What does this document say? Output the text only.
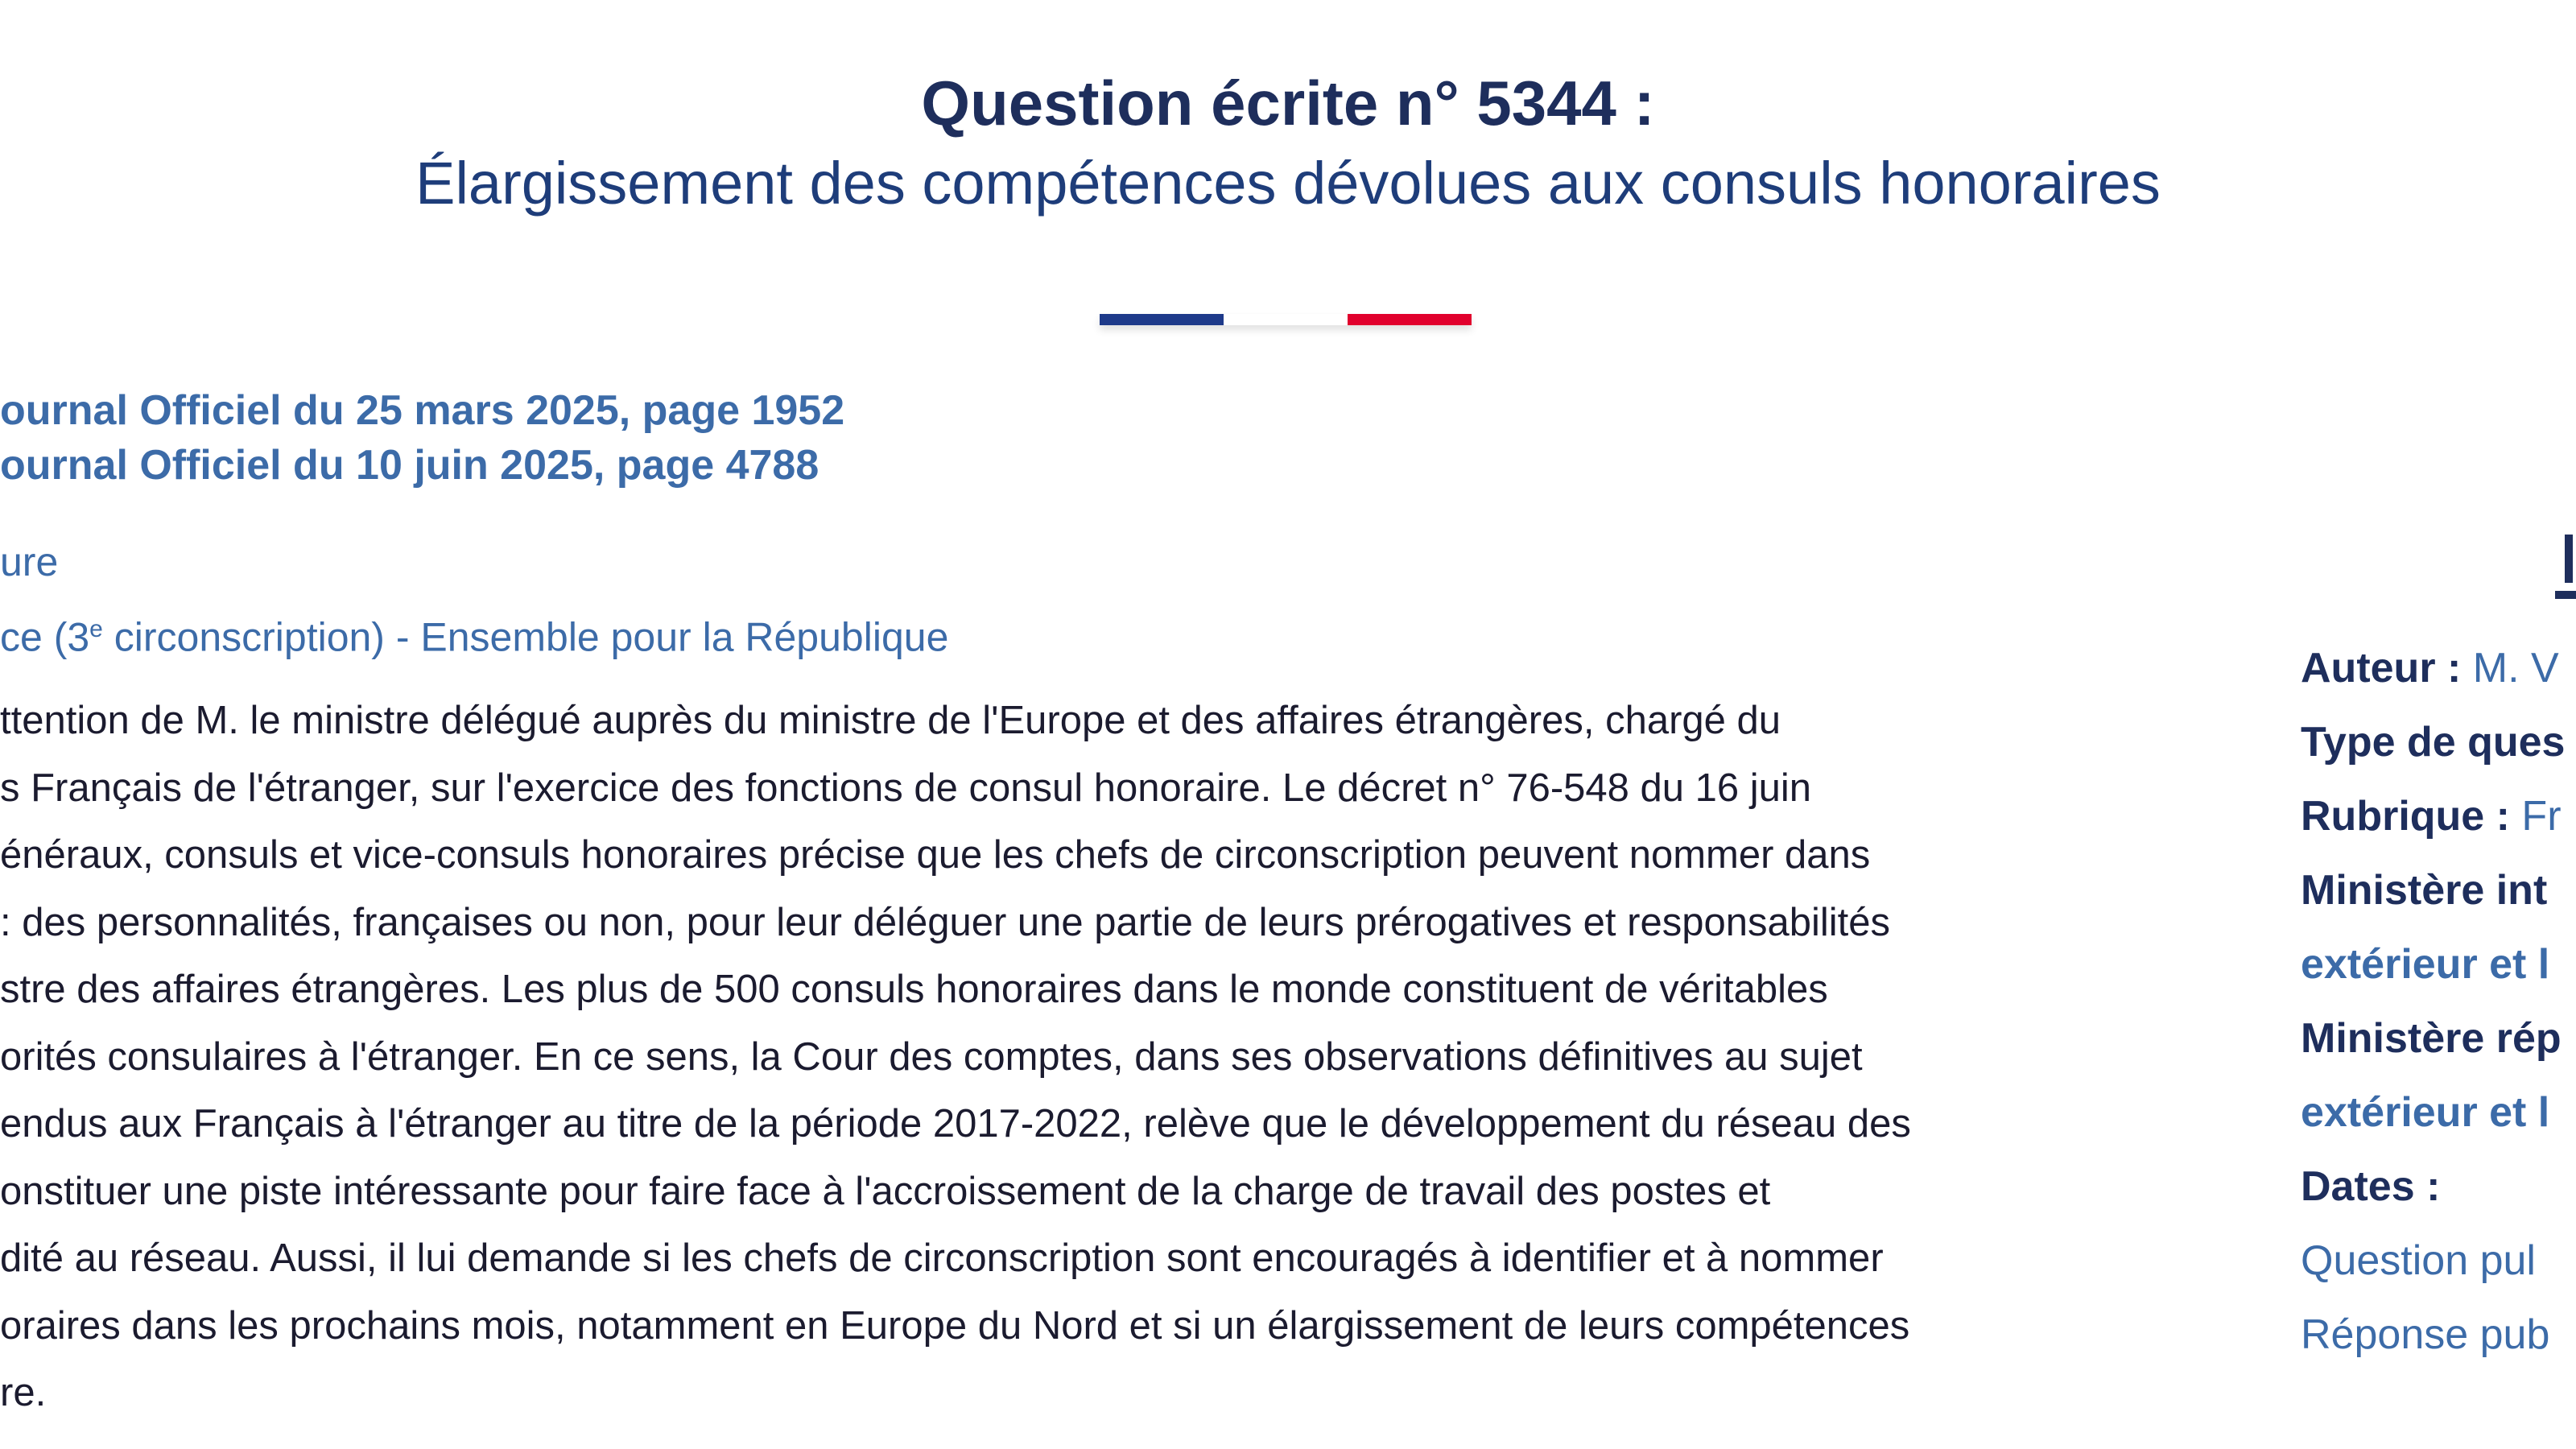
Question écrite n° 5344 :
Élargissement des compétences dévolues aux consuls honoraires
ournal Officiel du 25 mars 2025, page 1952
ournal Officiel du 10 juin 2025, page 4788
ure
ce (3e circonscription) - Ensemble pour la République
ttention de M. le ministre délégué auprès du ministre de l'Europe et des affaires étrangères, chargé du
s Français de l'étranger, sur l'exercice des fonctions de consul honoraire. Le décret n° 76-548 du 16 juin
énéraux, consuls et vice-consuls honoraires précise que les chefs de circonscription peuvent nommer dans
: des personnalités, françaises ou non, pour leur déléguer une partie de leurs prérogatives et responsabilités
stre des affaires étrangères. Les plus de 500 consuls honoraires dans le monde constituent de véritables
orités consulaires à l'étranger. En ce sens, la Cour des comptes, dans ses observations définitives au sujet
endus aux Français à l'étranger au titre de la période 2017-2022, relève que le développement du réseau des
onstituer une piste intéressante pour faire face à l'accroissement de la charge de travail des postes et
dité au réseau. Aussi, il lui demande si les chefs de circonscription sont encouragés à identifier et à nommer
oraires dans les prochains mois, notamment en Europe du Nord et si un élargissement de leurs compétences
re.
Auteur : M. V
Type de ques
Rubrique : Fr
Ministère int
extérieur et l
Ministère rép
extérieur et l
Dates :
Question pul
Réponse pub
